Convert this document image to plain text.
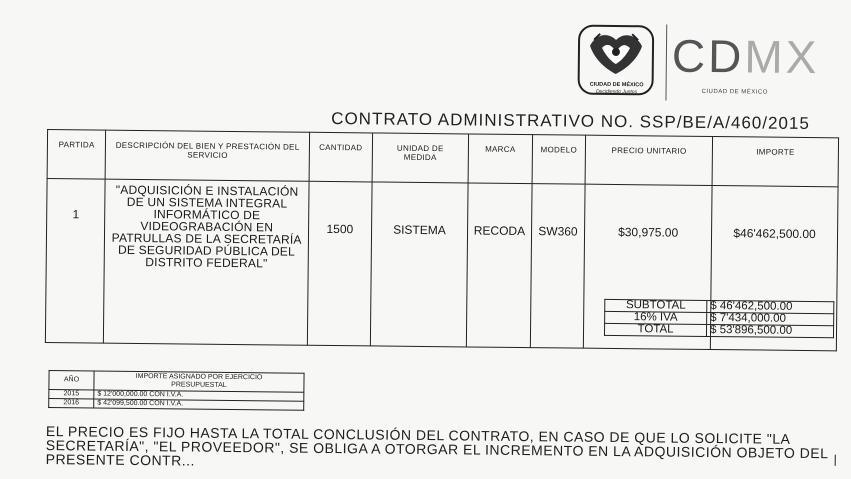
CIUDAD DE MÉXICO
Decidiendo Juntos
CDMX
CIUDAD DE MÉXICO
CONTRATO ADMINISTRATIVO NO. SSP/BE/A/460/2015
PARTIDA	DESCRIPCIÓN DEL BIEN Y PRESTACIÓN DEL SERVICIO	CANTIDAD	UNIDAD DE MEDIDA	MARCA	MODELO	PRECIO UNITARIO	IMPORTE
1	"ADQUISICIÓN E INSTALACIÓN DE UN SISTEMA INTEGRAL INFORMÁTICO DE VIDEOGRABACIÓN EN PATRULLAS DE LA SECRETARÍA DE SEGURIDAD PÚBLICA DEL DISTRITO FEDERAL"	1500	SISTEMA	RECODA	SW360	$30,975.00	$46'462,500.00
SUBTOTAL	$ 46'462,500.00
16% IVA	$ 7'434,000.00
TOTAL	$ 53'896,500.00
AÑO	IMPORTE ASIGNADO POR EJERCICIO PRESUPUESTAL
2015	$ 12'000,000.00 CON I.V.A.
2016	$ 42'099,500.00 CON I.V.A.
EL PRECIO ES FIJO HASTA LA TOTAL CONCLUSIÓN DEL CONTRATO, EN CASO DE QUE LO SOLICITE "LA SECRETARÍA", "EL PROVEEDOR", SE OBLIGA A OTORGAR EL INCREMENTO EN LA ADQUISICIÓN OBJETO DEL PRESENTE CONTR...	|
